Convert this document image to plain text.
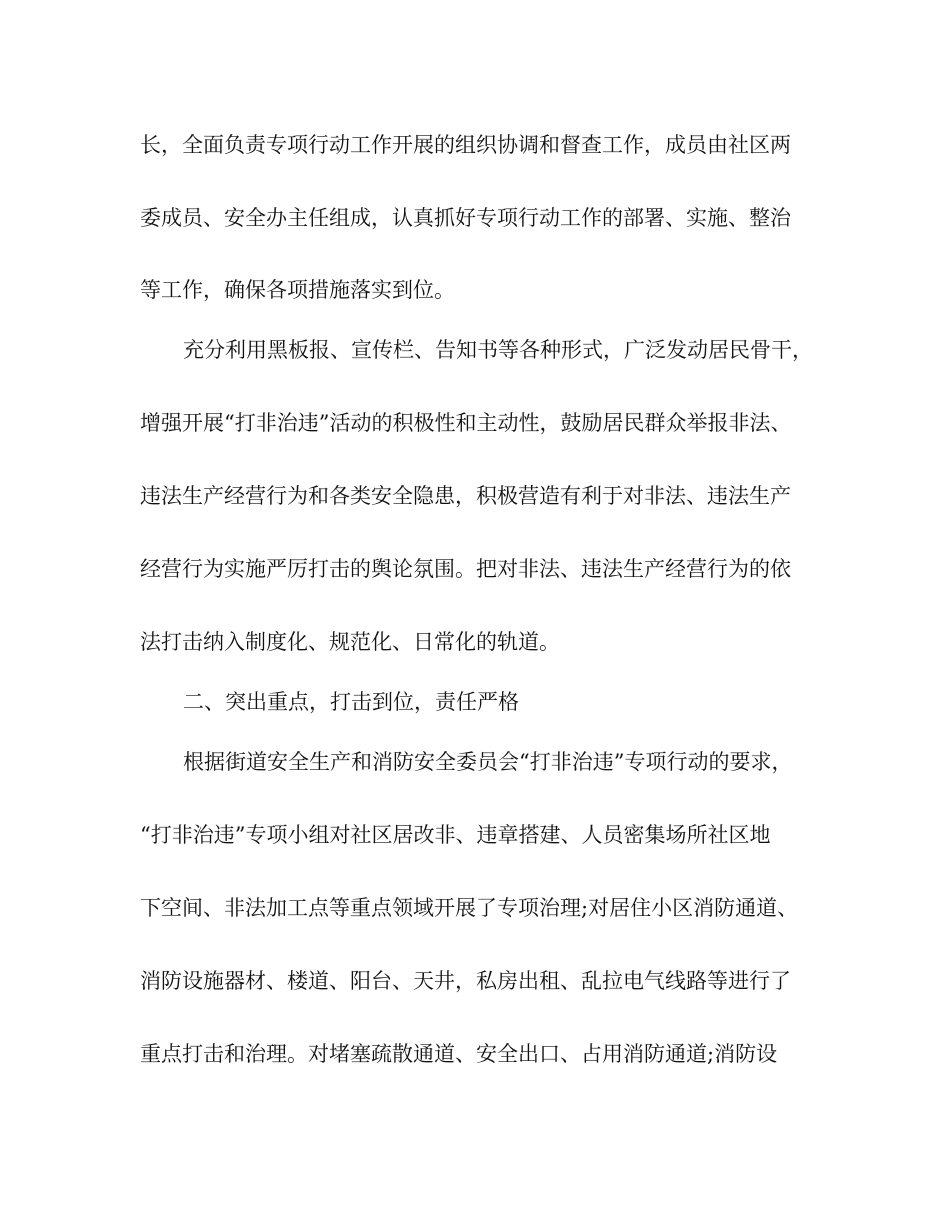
长，全面负责专项行动工作开展的组织协调和督查工作，成员由社区两

委成员、安全办主任组成，认真抓好专项行动工作的部署、实施、整治

等工作，确保各项措施落实到位。

充分利用黑板报、宣传栏、告知书等各种形式，广泛发动居民骨干，

增强开展“打非治违”活动的积极性和主动性，鼓励居民群众举报非法、

违法生产经营行为和各类安全隐患，积极营造有利于对非法、违法生产

经营行为实施严厉打击的舆论氛围。把对非法、违法生产经营行为的依

法打击纳入制度化、规范化、日常化的轨道。

二、突出重点，打击到位，责任严格

根据街道安全生产和消防安全委员会“打非治违”专项行动的要求，

“打非治违”专项小组对社区居改非、违章搭建、人员密集场所社区地

下空间、非法加工点等重点领域开展了专项治理;对居住小区消防通道、

消防设施器材、楼道、阳台、天井，私房出租、乱拉电气线路等进行了

重点打击和治理。对堵塞疏散通道、安全出口、占用消防通道;消防设
